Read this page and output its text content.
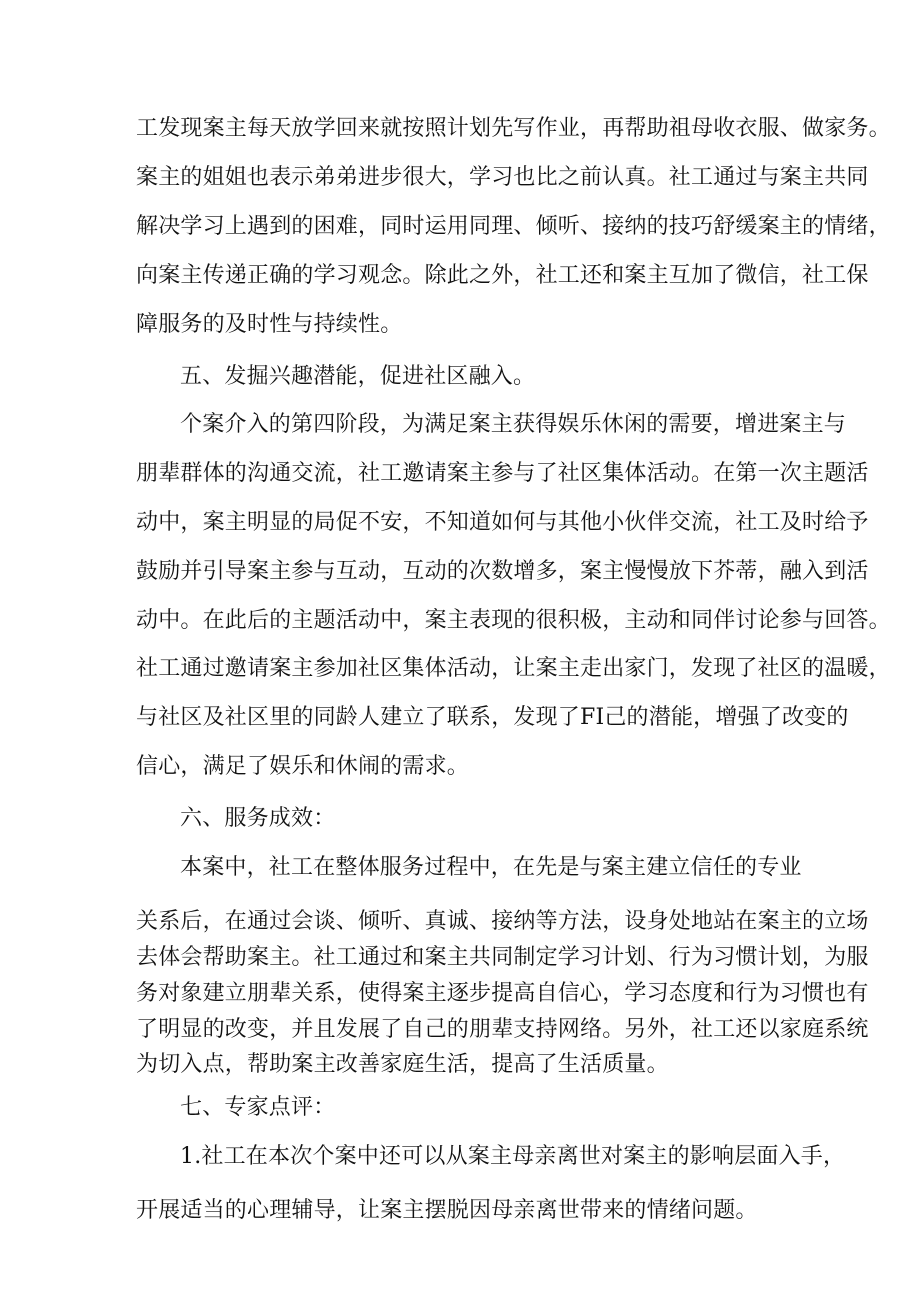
工发现案主每天放学回来就按照计划先写作业，再帮助祖母收衣服、做家务。
案主的姐姐也表示弟弟进步很大，学习也比之前认真。社工通过与案主共同
解决学习上遇到的困难，同时运用同理、倾听、接纳的技巧舒缓案主的情绪，
向案主传递正确的学习观念。除此之外，社工还和案主互加了微信，社工保
障服务的及时性与持续性。
五、发掘兴趣潜能，促进社区融入。
个案介入的第四阶段，为满足案主获得娱乐休闲的需要，增进案主与
朋辈群体的沟通交流，社工邀请案主参与了社区集体活动。在第一次主题活
动中，案主明显的局促不安，不知道如何与其他小伙伴交流，社工及时给予
鼓励并引导案主参与互动，互动的次数增多，案主慢慢放下芥蒂，融入到活
动中。在此后的主题活动中，案主表现的很积极，主动和同伴讨论参与回答。
社工通过邀请案主参加社区集体活动，让案主走出家门，发现了社区的温暖，
与社区及社区里的同龄人建立了联系，发现了FI己的潜能，增强了改变的
信心，满足了娱乐和休闹的需求。
六、服务成效：
本案中，社工在整体服务过程中，在先是与案主建立信任的专业
关系后，在通过会谈、倾听、真诚、接纳等方法，设身处地站在案主的立场
去体会帮助案主。社工通过和案主共同制定学习计划、行为习惯计划，为服
务对象建立朋辈关系，使得案主逐步提高自信心，学习态度和行为习惯也有
了明显的改变，并且发展了自己的朋辈支持网络。另外，社工还以家庭系统
为切入点，帮助案主改善家庭生活，提高了生活质量。
七、专家点评：
1.社工在本次个案中还可以从案主母亲离世对案主的影响层面入手，
开展适当的心理辅导，让案主摆脱因母亲离世带来的情绪问题。
